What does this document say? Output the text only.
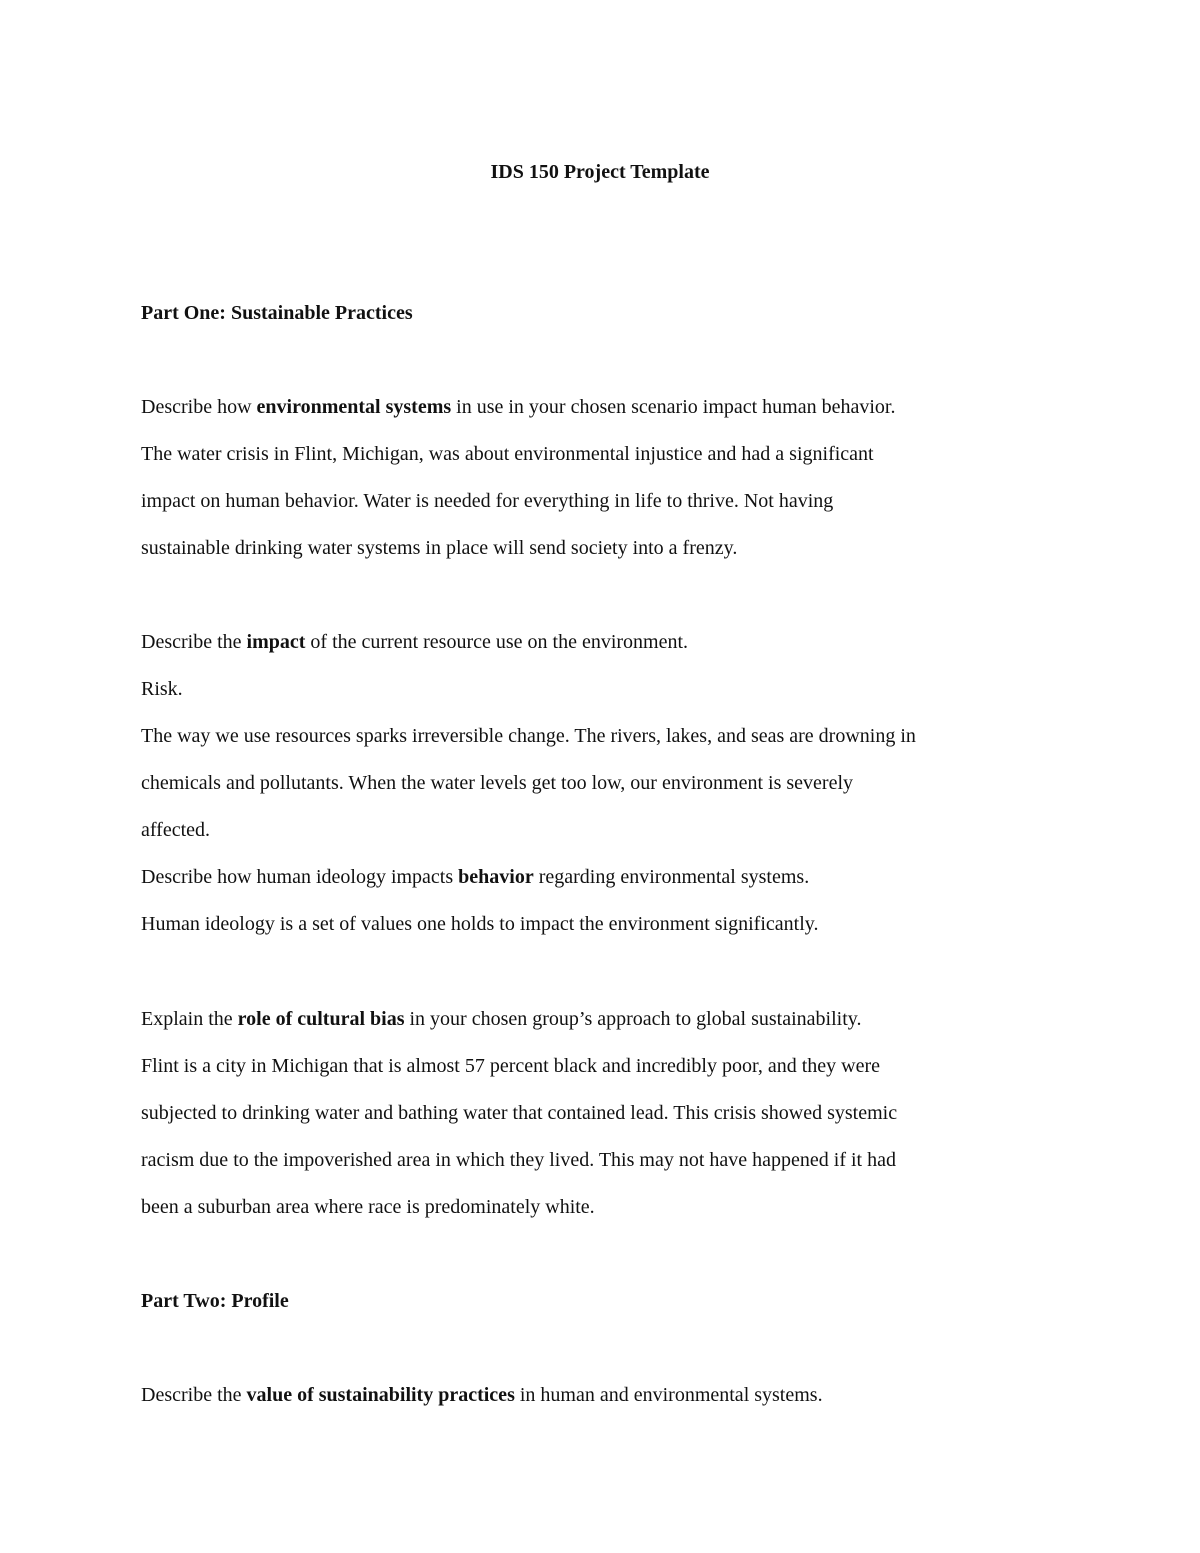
IDS 150 Project Template
Part One: Sustainable Practices
Describe how environmental systems in use in your chosen scenario impact human behavior.
The water crisis in Flint, Michigan, was about environmental injustice and had a significant
impact on human behavior. Water is needed for everything in life to thrive. Not having
sustainable drinking water systems in place will send society into a frenzy.
Describe the impact of the current resource use on the environment.
Risk.
The way we use resources sparks irreversible change. The rivers, lakes, and seas are drowning in
chemicals and pollutants. When the water levels get too low, our environment is severely
affected.
Describe how human ideology impacts behavior regarding environmental systems.
Human ideology is a set of values one holds to impact the environment significantly.
Explain the role of cultural bias in your chosen group’s approach to global sustainability.
Flint is a city in Michigan that is almost 57 percent black and incredibly poor, and they were
subjected to drinking water and bathing water that contained lead. This crisis showed systemic
racism due to the impoverished area in which they lived. This may not have happened if it had
been a suburban area where race is predominately white.
Part Two: Profile
Describe the value of sustainability practices in human and environmental systems.
